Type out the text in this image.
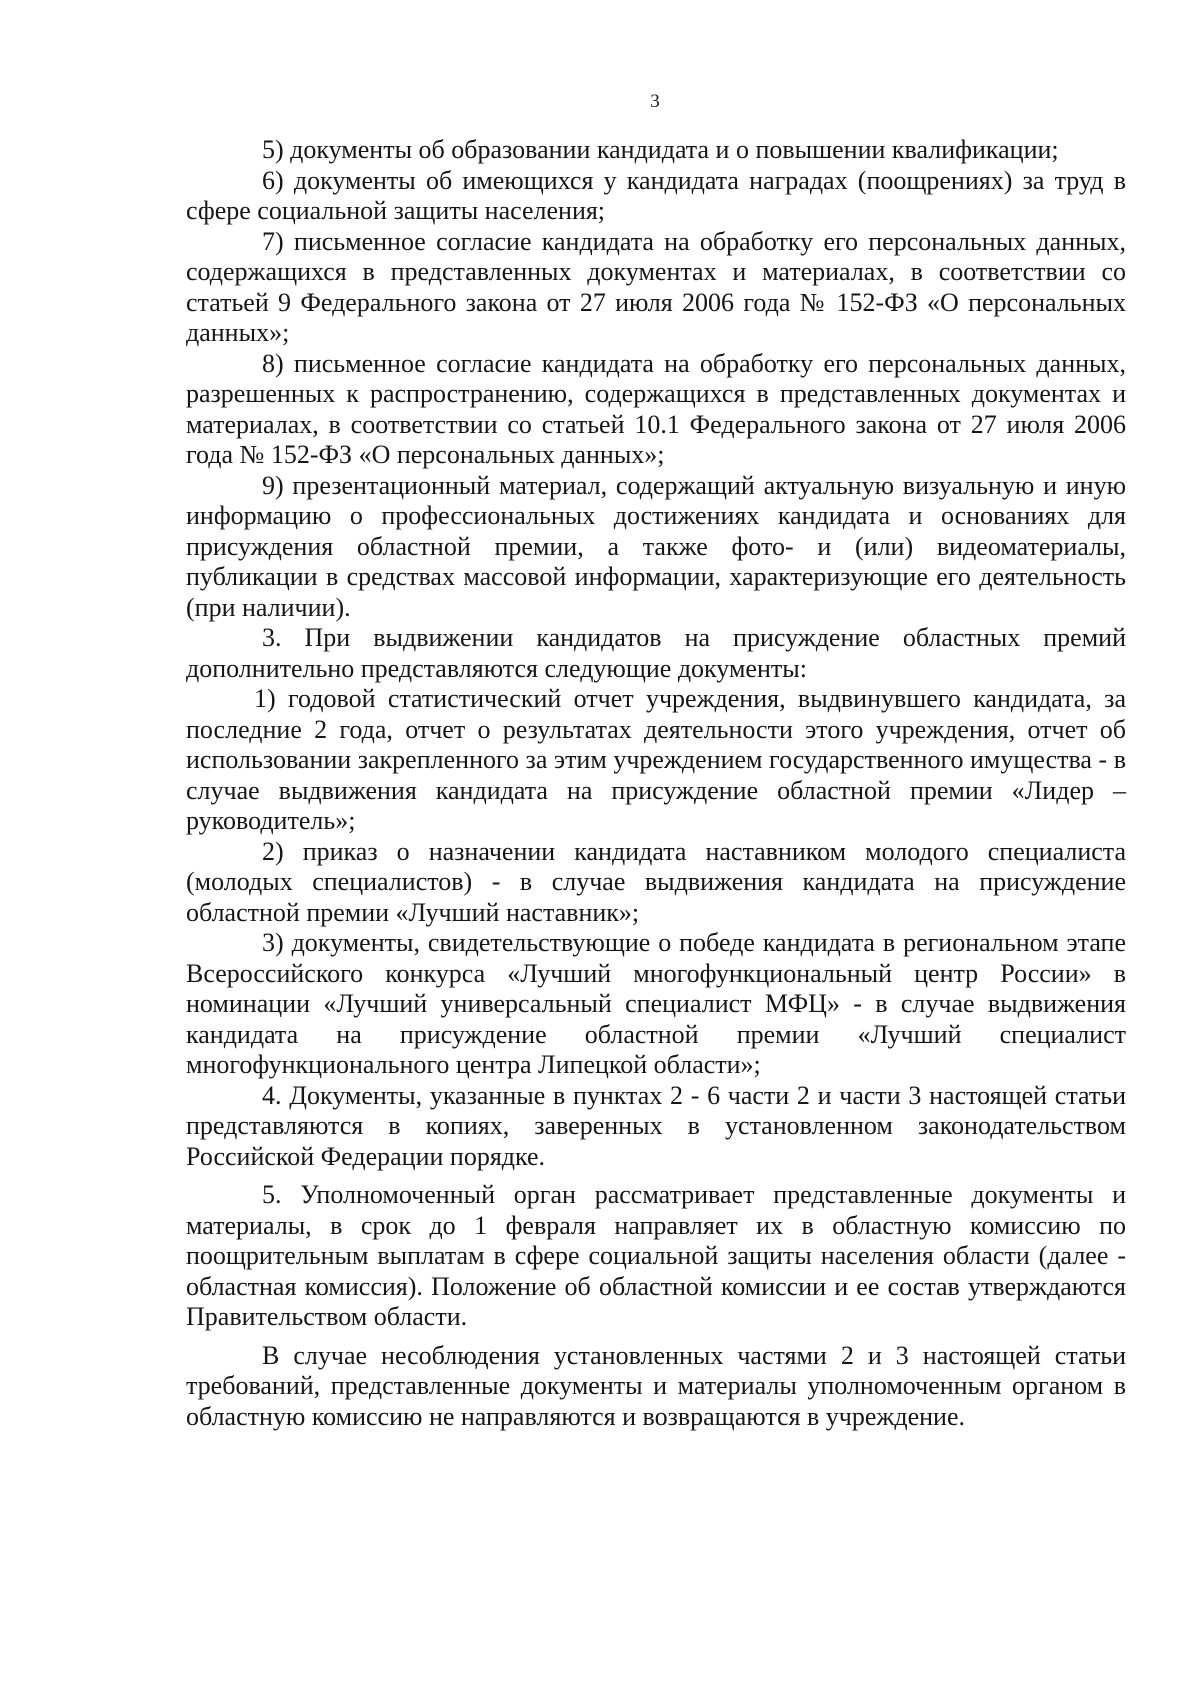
3

5) документы об образовании кандидата и о повышении квалификации;

6) документы об имеющихся у кандидата наградах (поощрениях) за труд в сфере социальной защиты населения;

7) письменное согласие кандидата на обработку его персональных данных, содержащихся в представленных документах и материалах, в соответствии со статьей 9 Федерального закона от 27 июля 2006 года № 152-ФЗ «О персональных данных»;

8) письменное согласие кандидата на обработку его персональных данных, разрешенных к распространению, содержащихся в представленных документах и материалах, в соответствии со статьей 10.1 Федерального закона от 27 июля 2006 года № 152-ФЗ «О персональных данных»;

9) презентационный материал, содержащий актуальную визуальную и иную информацию о профессиональных достижениях кандидата и основаниях для присуждения областной премии, а также фото- и (или) видеоматериалы, публикации в средствах массовой информации, характеризующие его деятельность (при наличии).

3. При выдвижении кандидатов на присуждение областных премий дополнительно представляются следующие документы:

1) годовой статистический отчет учреждения, выдвинувшего кандидата, за последние 2 года, отчет о результатах деятельности этого учреждения, отчет об использовании закрепленного за этим учреждением государственного имущества - в случае выдвижения кандидата на присуждение областной премии «Лидер – руководитель»;

2) приказ о назначении кандидата наставником молодого специалиста (молодых специалистов) - в случае выдвижения кандидата на присуждение областной премии «Лучший наставник»;

3) документы, свидетельствующие о победе кандидата в региональном этапе Всероссийского конкурса «Лучший многофункциональный центр России» в номинации «Лучший универсальный специалист МФЦ» - в случае выдвижения кандидата на присуждение областной премии «Лучший специалист многофункционального центра Липецкой области»;

4. Документы, указанные в пунктах 2 - 6 части 2 и части 3 настоящей статьи представляются в копиях, заверенных в установленном законодательством Российской Федерации порядке.

5. Уполномоченный орган рассматривает представленные документы и материалы, в срок до 1 февраля направляет их в областную комиссию по поощрительным выплатам в сфере социальной защиты населения области (далее - областная комиссия). Положение об областной комиссии и ее состав утверждаются Правительством области.

В случае несоблюдения установленных частями 2 и 3 настоящей статьи требований, представленные документы и материалы уполномоченным органом в областную комиссию не направляются и возвращаются в учреждение.
